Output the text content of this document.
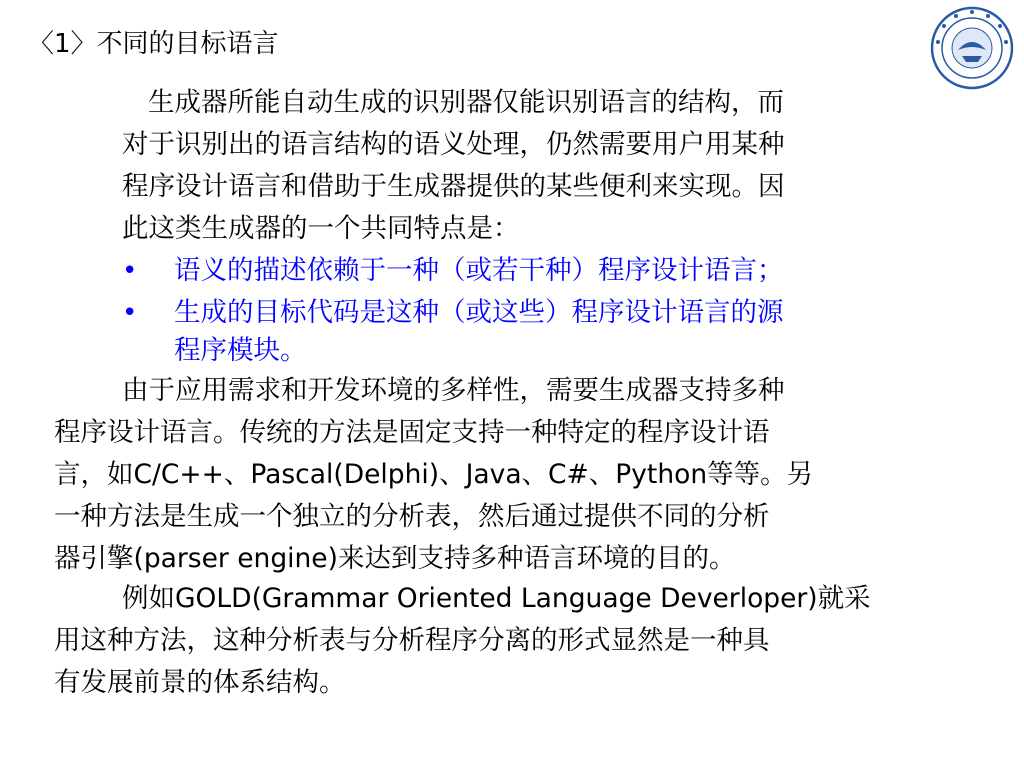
〈1〉不同的目标语言
生成器所能自动生成的识别器仅能识别语言的结构，而
对于识别出的语言结构的语义处理，仍然需要用户用某种
程序设计语言和借助于生成器提供的某些便利来实现。因
此这类生成器的一个共同特点是：
• 语义的描述依赖于一种（或若干种）程序设计语言；
• 生成的目标代码是这种（或这些）程序设计语言的源
程序模块。
由于应用需求和开发环境的多样性，需要生成器支持多种
程序设计语言。传统的方法是固定支持一种特定的程序设计语
言，如C/C++、Pascal(Delphi)、Java、C#、Python等等。另
一种方法是生成一个独立的分析表，然后通过提供不同的分析
器引擎(parser engine)来达到支持多种语言环境的目的。
例如GOLD(Grammar Oriented Language Deverloper)就采
用这种方法，这种分析表与分析程序分离的形式显然是一种具
有发展前景的体系结构。
